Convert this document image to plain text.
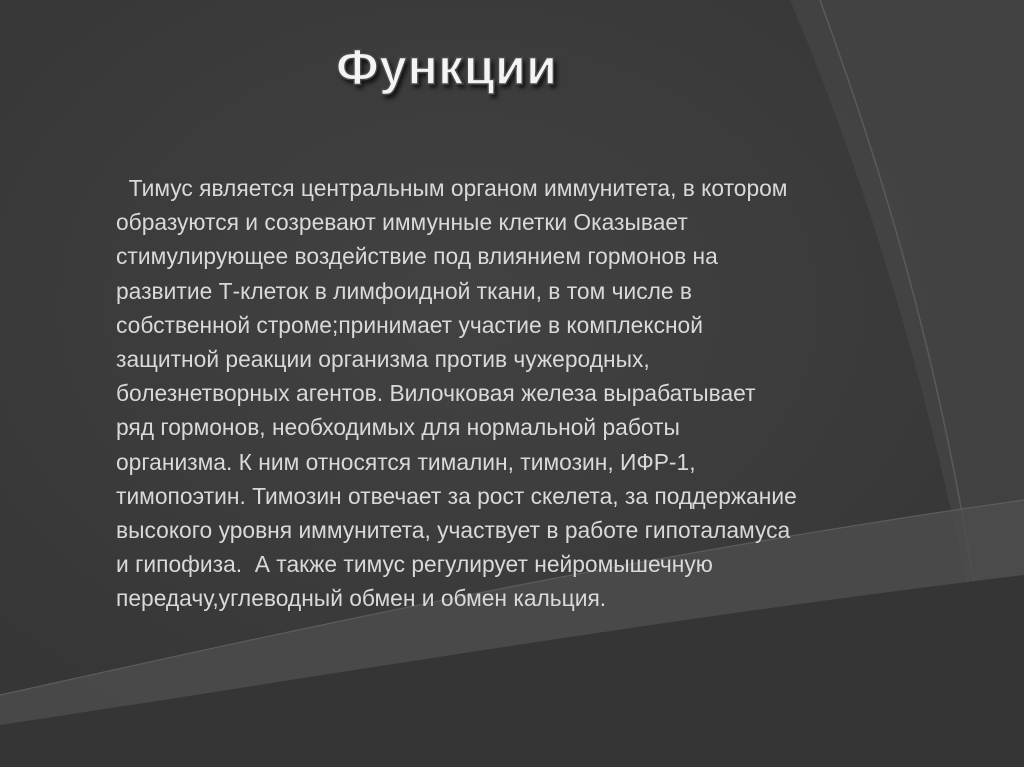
Функции

Тимус является центральным органом иммунитета, в котором
образуются и созревают иммунные клетки Оказывает
стимулирующее воздействие под влиянием гормонов на
развитие Т-клеток в лимфоидной ткани, в том числе в
собственной строме;принимает участие в комплексной
защитной реакции организма против чужеродных,
болезнетворных агентов. Вилочковая железа вырабатывает
ряд гормонов, необходимых для нормальной работы
организма. К ним относятся тималин, тимозин, ИФР-1,
тимопоэтин. Тимозин отвечает за рост скелета, за поддержание
высокого уровня иммунитета, участвует в работе гипоталамуса
и гипофиза.  А также тимус регулирует нейромышечную
передачу,углеводный обмен и обмен кальция.
